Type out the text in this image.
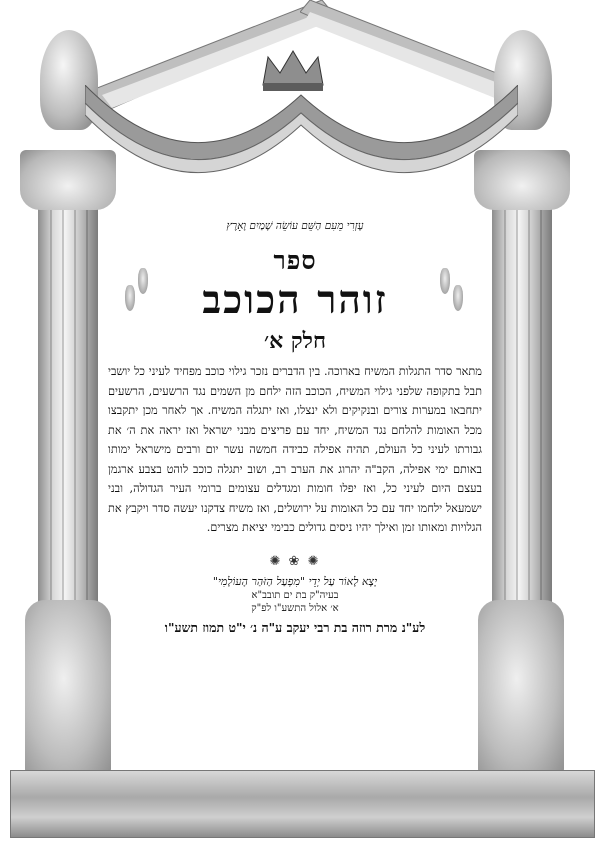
עֶזְרִי מֵעִם הַשֵּׁם עוֹשֵׂה שָׁמַיִם וָאָרֶץ
ספר
זוהר הכוכב
חלק א׳
מתאר סדר התגלות המשיח בארוכה. בין הדברים נזכר גילוי כוכב מפחיד לעיני כל יושבי תבל בתקופה שלפני גילוי המשיח, הכוכב הזה ילחם מן השמים נגד הרשעים, הרשעים יתחבאו במערות צורים ובנקיקים ולא ינצלו, ואז יתגלה המשיח. אך לאחר מכן יתקבצו מכל האומות להלחם נגד המשיח, יחד עם פריצים מבני ישראל ואז יראה את ה׳ את גבורתו לעיני כל העולם, תהיה אפילה כבידה חמשה עשר יום ורבים מישראל ימותו באותם ימי אפילה, הקב"ה יהרוג את הערב רב, ושוב יתגלה כוכב לוהט בצבע ארגמן בעצם היום לעיני כל, ואז יפלו חומות ומגדלים עצומים ברומי העיר הגדולה, ובני ישמעאל ילחמו יחד עם כל האומות על ירושלים, ואז משיח צדקנו יעשה סדר ויקבץ את הגלויות ומאותו זמן ואילך יהיו ניסים גדולים כבימי יציאת מצרים.
✺ ❀ ✺
יָצָא לָאוֹר עַל יְדֵי "מִפְעַל הַזֹּהַר הָעוֹלָמִי"
בעיה"ק בת ים תובב"א
א׳ אלול התשע"ו לפ"ק
לע"נ מרת רוזה בת רבי יעקב ע"ה נ׳ י"ט תמוז תשע"ו
